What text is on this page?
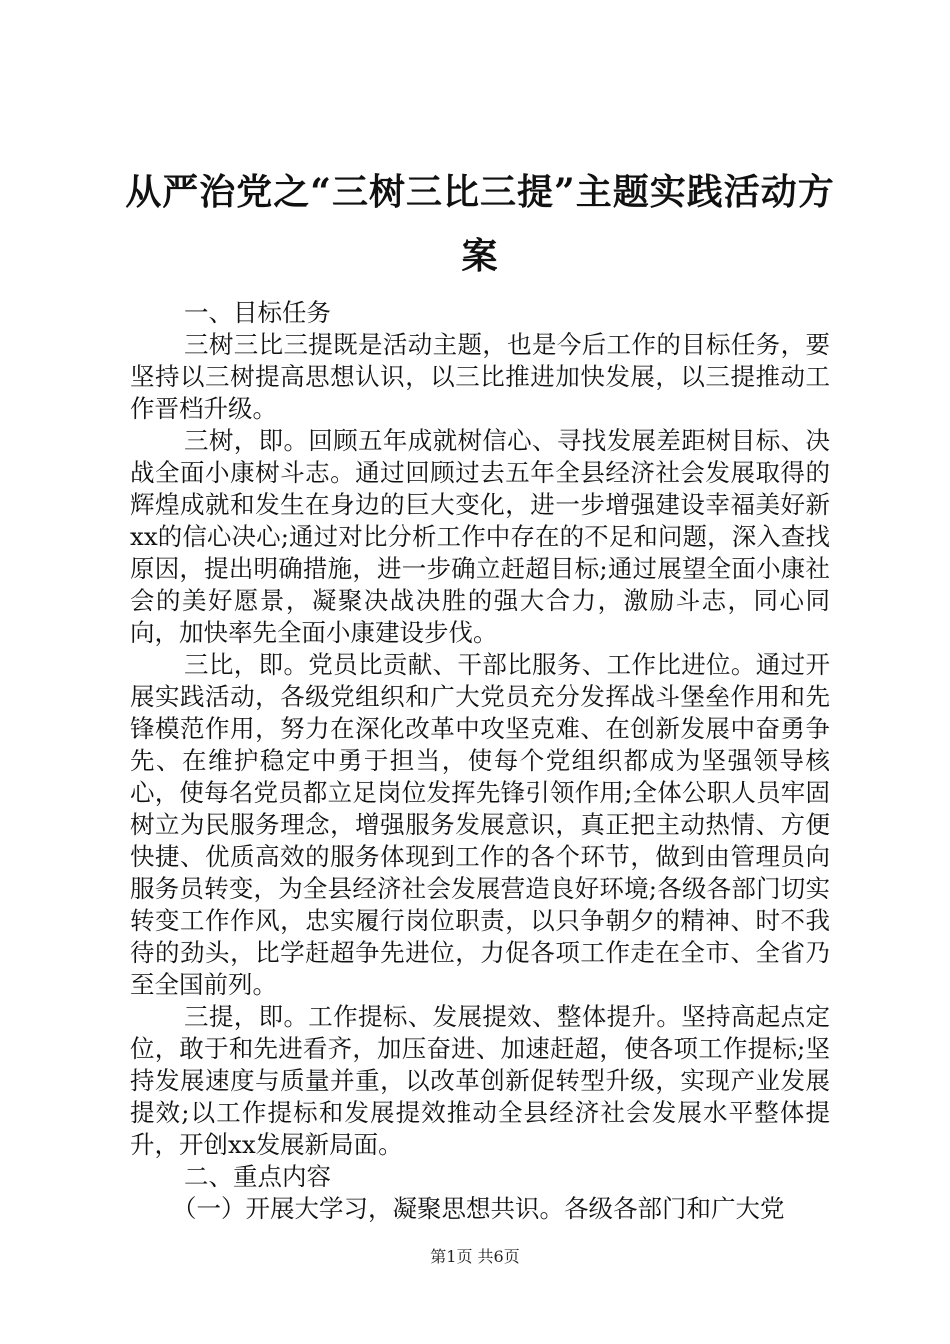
从严治党之“三树三比三提”主题实践活动方案

一、目标任务

三树三比三提既是活动主题，也是今后工作的目标任务，要坚持以三树提高思想认识，以三比推进加快发展，以三提推动工作晋档升级。

三树，即。回顾五年成就树信心、寻找发展差距树目标、决战全面小康树斗志。通过回顾过去五年全县经济社会发展取得的辉煌成就和发生在身边的巨大变化，进一步增强建设幸福美好新xx的信心决心;通过对比分析工作中存在的不足和问题，深入查找原因，提出明确措施，进一步确立赶超目标;通过展望全面小康社会的美好愿景，凝聚决战决胜的强大合力，激励斗志，同心同向，加快率先全面小康建设步伐。

三比，即。党员比贡献、干部比服务、工作比进位。通过开展实践活动，各级党组织和广大党员充分发挥战斗堡垒作用和先锋模范作用，努力在深化改革中攻坚克难、在创新发展中奋勇争先、在维护稳定中勇于担当，使每个党组织都成为坚强领导核心，使每名党员都立足岗位发挥先锋引领作用;全体公职人员牢固树立为民服务理念，增强服务发展意识，真正把主动热情、方便快捷、优质高效的服务体现到工作的各个环节，做到由管理员向服务员转变，为全县经济社会发展营造良好环境;各级各部门切实转变工作作风，忠实履行岗位职责，以只争朝夕的精神、时不我待的劲头，比学赶超争先进位，力促各项工作走在全市、全省乃至全国前列。

三提，即。工作提标、发展提效、整体提升。坚持高起点定位，敢于和先进看齐，加压奋进、加速赶超，使各项工作提标;坚持发展速度与质量并重，以改革创新促转型升级，实现产业发展提效;以工作提标和发展提效推动全县经济社会发展水平整体提升，开创xx发展新局面。

二、重点内容

（一）开展大学习，凝聚思想共识。各级各部门和广大党

第1页 共6页
